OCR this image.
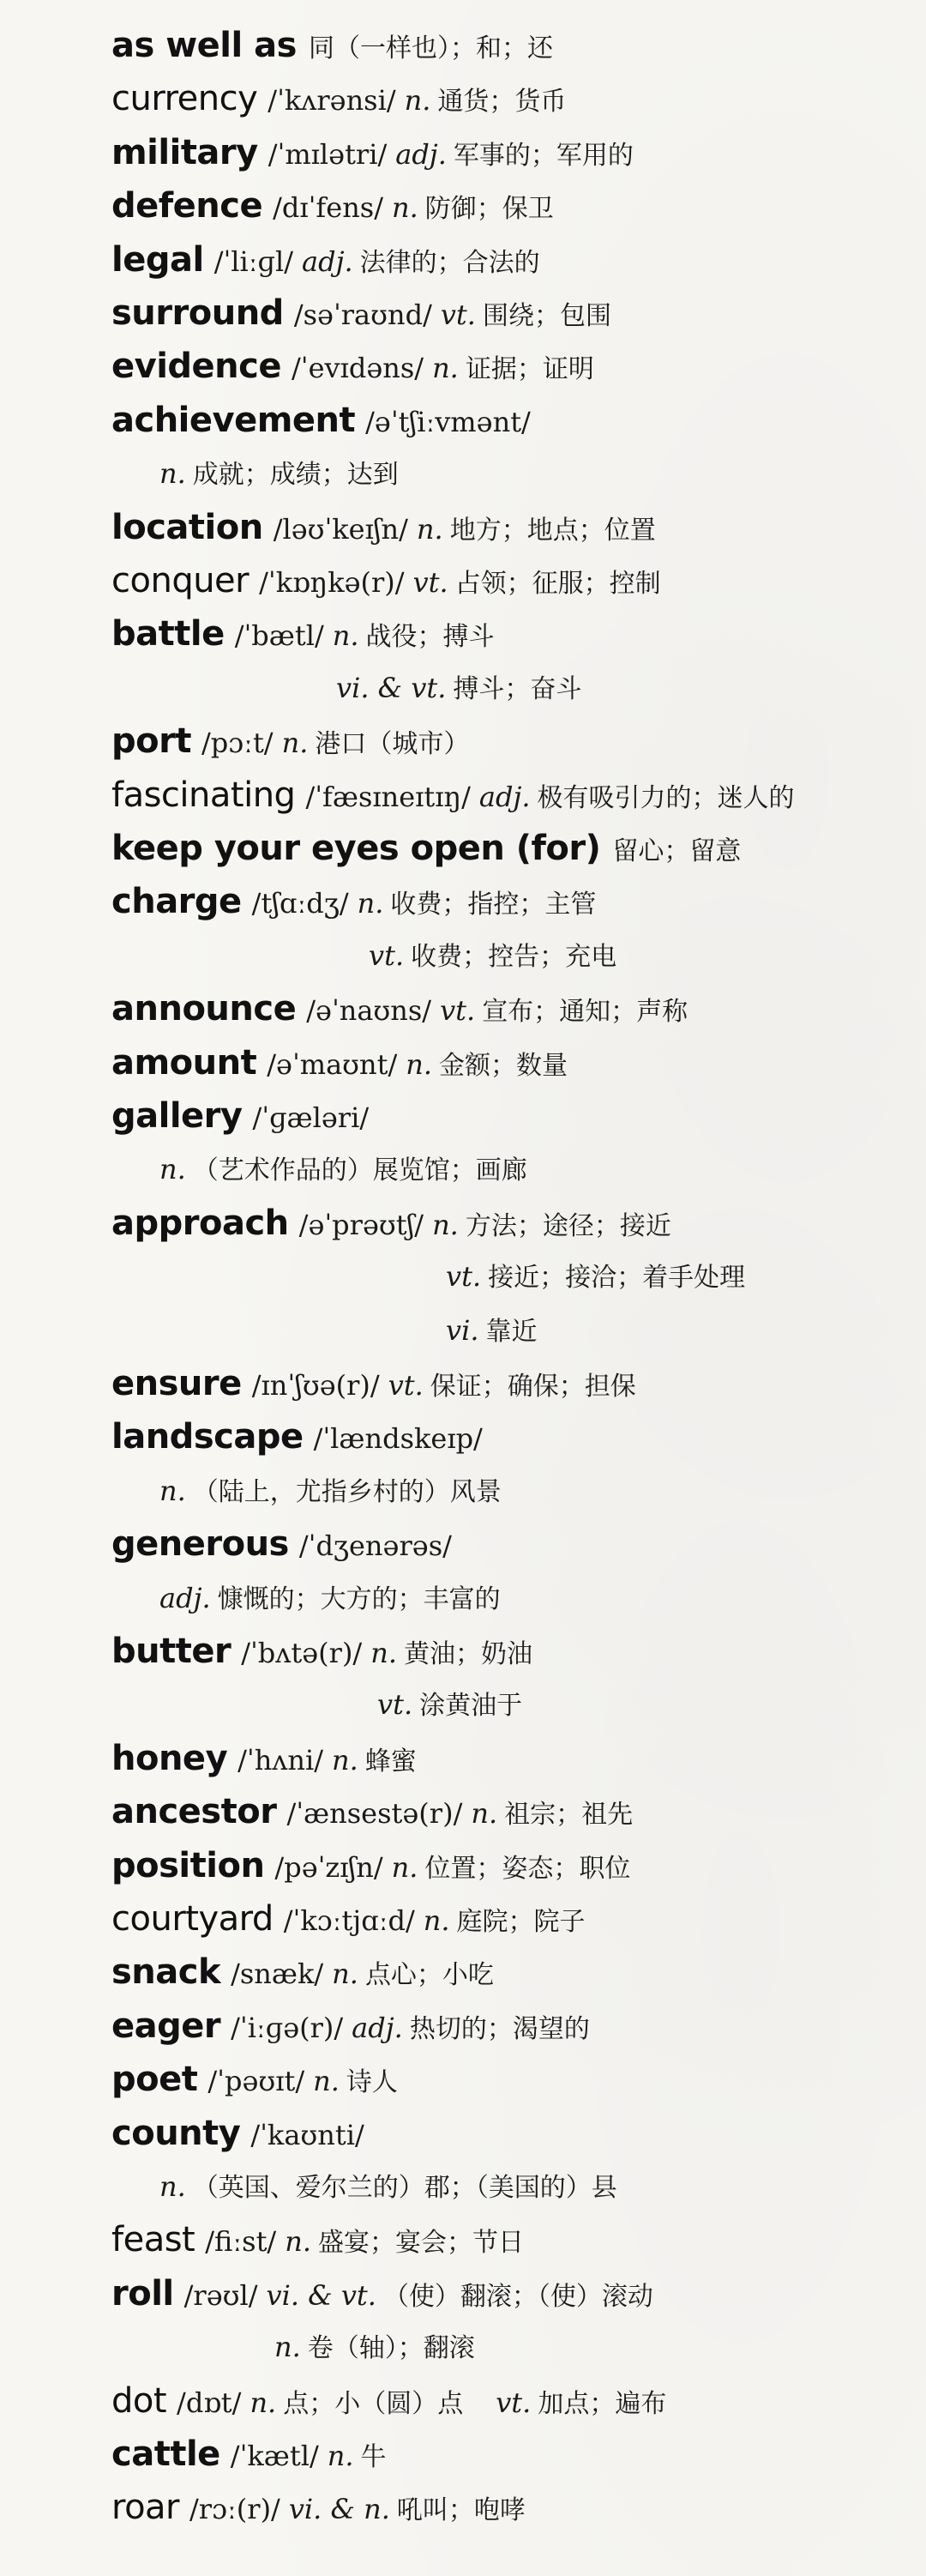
as well as 同（一样也）；和；还
currency /ˈkʌrənsi/ n. 通货；货币
military /ˈmɪlətri/ adj. 军事的；军用的
defence /dɪˈfens/ n. 防御；保卫
legal /ˈliːɡl/ adj. 法律的；合法的
surround /səˈraʊnd/ vt. 围绕；包围
evidence /ˈevɪdəns/ n. 证据；证明
achievement /əˈtʃiːvmənt/
n. 成就；成绩；达到
location /ləʊˈkeɪʃn/ n. 地方；地点；位置
conquer /ˈkɒŋkə(r)/ vt. 占领；征服；控制
battle /ˈbætl/ n. 战役；搏斗
vi. & vt. 搏斗；奋斗
port /pɔːt/ n. 港口（城市）
fascinating /ˈfæsɪneɪtɪŋ/ adj. 极有吸引力的；迷人的
keep your eyes open (for) 留心；留意
charge /tʃɑːdʒ/ n. 收费；指控；主管
vt. 收费；控告；充电
announce /əˈnaʊns/ vt. 宣布；通知；声称
amount /əˈmaʊnt/ n. 金额；数量
gallery /ˈɡæləri/
n. （艺术作品的）展览馆；画廊
approach /əˈprəʊtʃ/ n. 方法；途径；接近
vt. 接近；接洽；着手处理
vi. 靠近
ensure /ɪnˈʃʊə(r)/ vt. 保证；确保；担保
landscape /ˈlændskeɪp/
n. （陆上，尤指乡村的）风景
generous /ˈdʒenərəs/
adj. 慷慨的；大方的；丰富的
butter /ˈbʌtə(r)/ n. 黄油；奶油
vt. 涂黄油于
honey /ˈhʌni/ n. 蜂蜜
ancestor /ˈænsestə(r)/ n. 祖宗；祖先
position /pəˈzɪʃn/ n. 位置；姿态；职位
courtyard /ˈkɔːtjɑːd/ n. 庭院；院子
snack /snæk/ n. 点心；小吃
eager /ˈiːɡə(r)/ adj. 热切的；渴望的
poet /ˈpəʊɪt/ n. 诗人
county /ˈkaʊnti/
n. （英国、爱尔兰的）郡；（美国的）县
feast /fiːst/ n. 盛宴；宴会；节日
roll /rəʊl/ vi. & vt. （使）翻滚；（使）滚动
n. 卷（轴）；翻滚
dot /dɒt/ n. 点；小（圆）点 vt. 加点；遍布
cattle /ˈkætl/ n. 牛
roar /rɔː(r)/ vi. & n. 吼叫；咆哮
